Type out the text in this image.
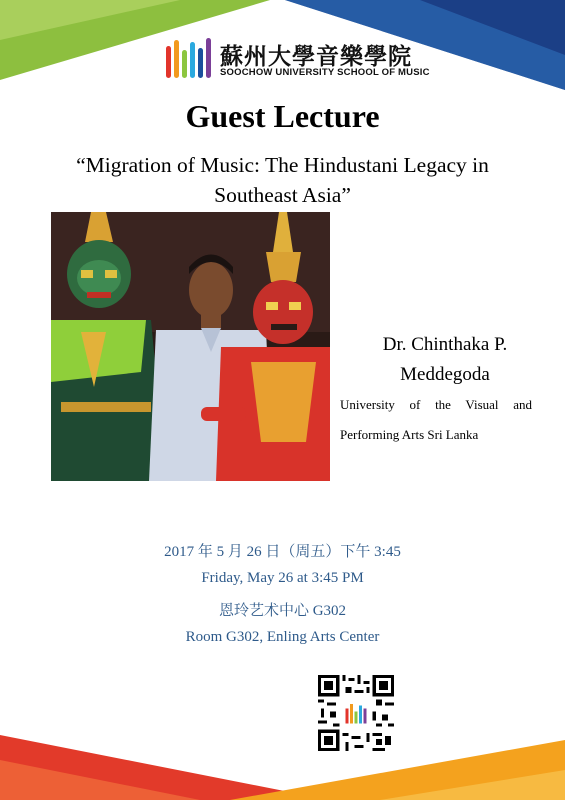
蘇州大學音樂學院
SOOCHOW UNIVERSITY SCHOOL OF MUSIC
Guest Lecture
“Migration of Music: The Hindustani Legacy in Southeast Asia”
Dr. Chinthaka P. Meddegoda
University of the Visual and Performing Arts Sri Lanka
2017 年 5 月 26 日（周五）下午 3:45
Friday, May 26 at 3:45 PM
恩玲艺术中心 G302
Room G302, Enling Arts Center
